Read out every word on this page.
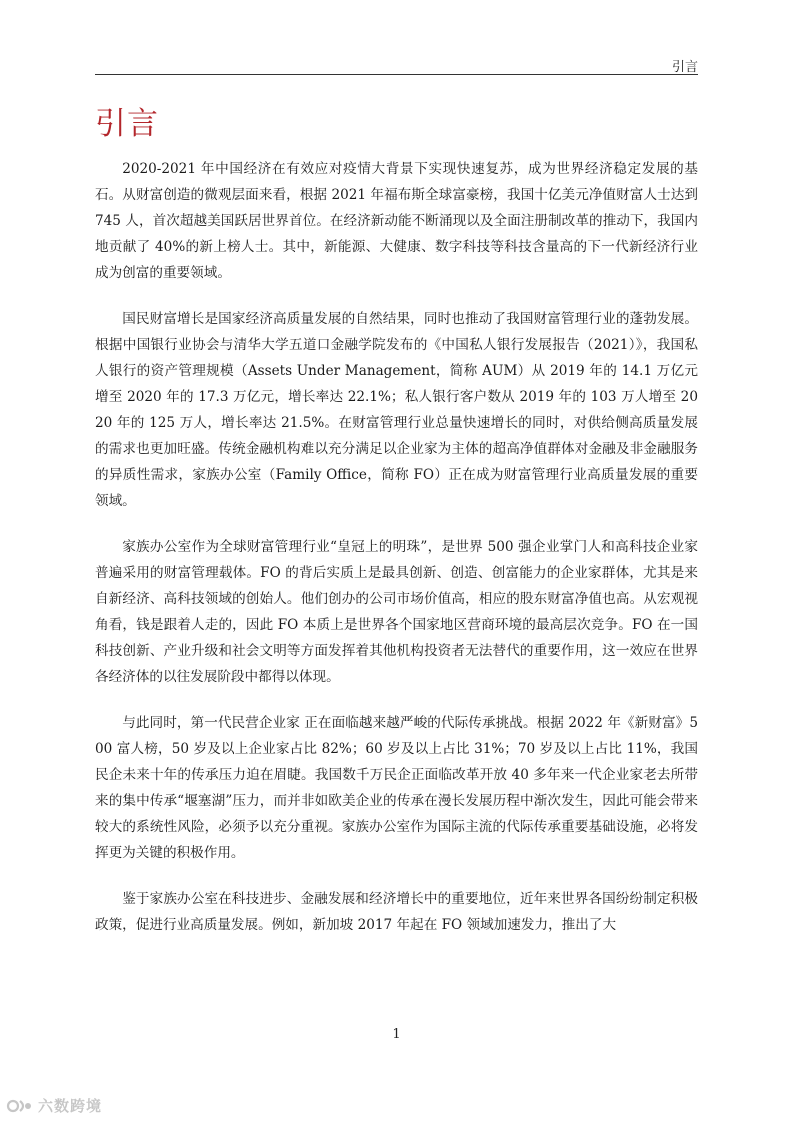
引言
引言

2020-2021 年中国经济在有效应对疫情大背景下实现快速复苏，成为世界经济稳定发展的基石。从财富创造的微观层面来看，根据 2021 年福布斯全球富豪榜，我国十亿美元净值财富人士达到 745 人，首次超越美国跃居世界首位。在经济新动能不断涌现以及全面注册制改革的推动下，我国内地贡献了 40%的新上榜人士。其中，新能源、大健康、数字科技等科技含量高的下一代新经济行业成为创富的重要领域。

国民财富增长是国家经济高质量发展的自然结果，同时也推动了我国财富管理行业的蓬勃发展。根据中国银行业协会与清华大学五道口金融学院发布的《中国私人银行发展报告（2021）》，我国私人银行的资产管理规模（Assets Under Management，简称 AUM）从 2019 年的 14.1 万亿元增至 2020 年的 17.3 万亿元，增长率达 22.1%；私人银行客户数从 2019 年的 103 万人增至 2020 年的 125 万人，增长率达 21.5%。在财富管理行业总量快速增长的同时，对供给侧高质量发展的需求也更加旺盛。传统金融机构难以充分满足以企业家为主体的超高净值群体对金融及非金融服务的异质性需求，家族办公室（Family Office，简称 FO）正在成为财富管理行业高质量发展的重要领域。

家族办公室作为全球财富管理行业“皇冠上的明珠”，是世界 500 强企业掌门人和高科技企业家普遍采用的财富管理载体。FO 的背后实质上是最具创新、创造、创富能力的企业家群体，尤其是来自新经济、高科技领域的创始人。他们创办的公司市场价值高，相应的股东财富净值也高。从宏观视角看，钱是跟着人走的，因此 FO 本质上是世界各个国家地区营商环境的最高层次竞争。FO 在一国科技创新、产业升级和社会文明等方面发挥着其他机构投资者无法替代的重要作用，这一效应在世界各经济体的以往发展阶段中都得以体现。

与此同时，第一代民营企业家 正在面临越来越严峻的代际传承挑战。根据 2022 年《新财富》500 富人榜，50 岁及以上企业家占比 82%；60 岁及以上占比 31%；70 岁及以上占比 11%，我国民企未来十年的传承压力迫在眉睫。我国数千万民企正面临改革开放 40 多年来一代企业家老去所带来的集中传承“堰塞湖”压力，而并非如欧美企业的传承在漫长发展历程中渐次发生，因此可能会带来较大的系统性风险，必须予以充分重视。家族办公室作为国际主流的代际传承重要基础设施，必将发挥更为关键的积极作用。

鉴于家族办公室在科技进步、金融发展和经济增长中的重要地位，近年来世界各国纷纷制定积极政策，促进行业高质量发展。例如，新加坡 2017 年起在 FO 领域加速发力，推出了大

1
六数跨境
